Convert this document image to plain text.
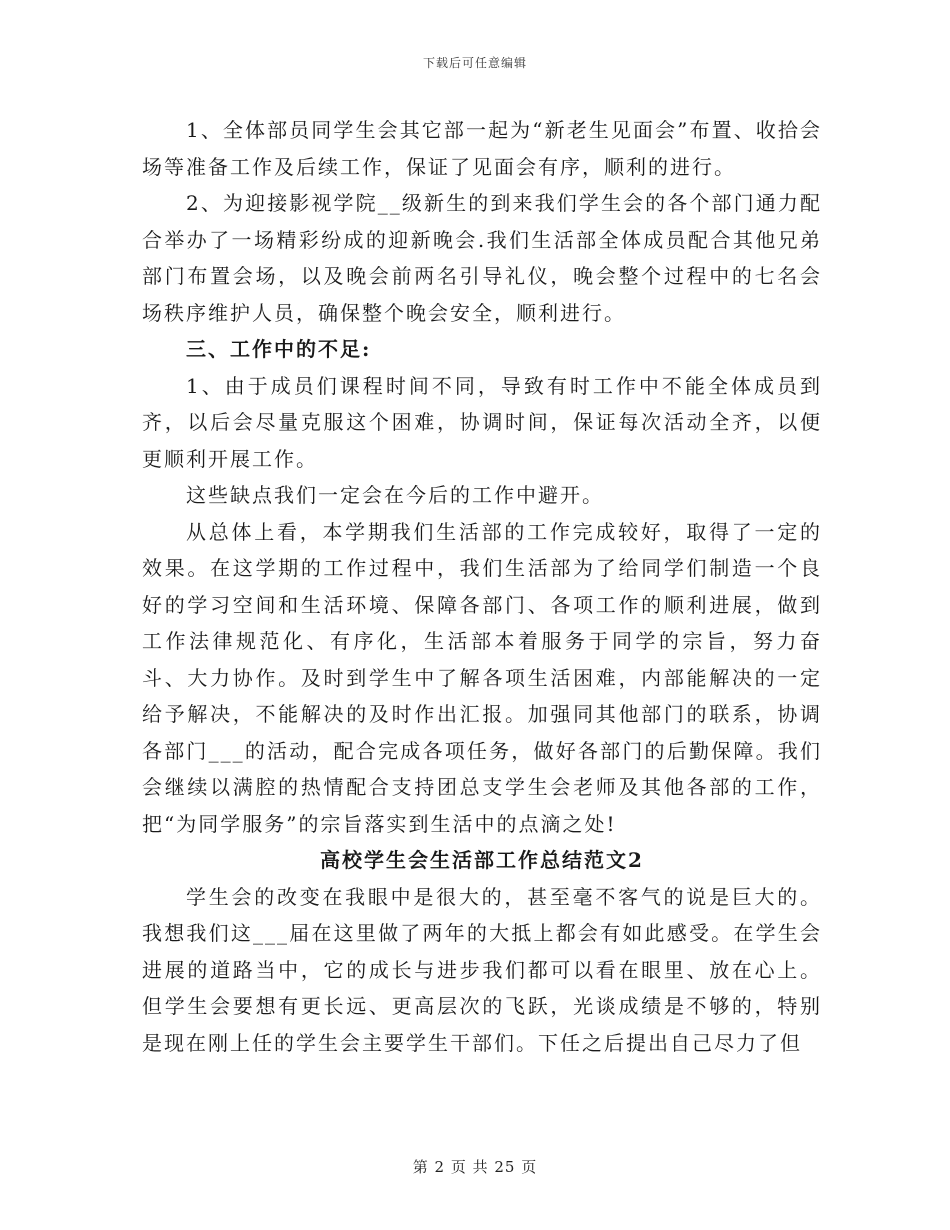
下载后可任意编辑

1、全体部员同学生会其它部一起为“新老生见面会”布置、收拾会场等准备工作及后续工作，保证了见面会有序，顺利的进行。

2、为迎接影视学院__级新生的到来我们学生会的各个部门通力配合举办了一场精彩纷成的迎新晚会.我们生活部全体成员配合其他兄弟部门布置会场，以及晚会前两名引导礼仪，晚会整个过程中的七名会场秩序维护人员，确保整个晚会安全，顺利进行。

三、工作中的不足:

1、由于成员们课程时间不同，导致有时工作中不能全体成员到齐，以后会尽量克服这个困难，协调时间，保证每次活动全齐，以便更顺利开展工作。

这些缺点我们一定会在今后的工作中避开。

从总体上看，本学期我们生活部的工作完成较好，取得了一定的效果。在这学期的工作过程中，我们生活部为了给同学们制造一个良好的学习空间和生活环境、保障各部门、各项工作的顺利进展，做到工作法律规范化、有序化，生活部本着服务于同学的宗旨，努力奋斗、大力协作。及时到学生中了解各项生活困难，内部能解决的一定给予解决，不能解决的及时作出汇报。加强同其他部门的联系，协调各部门___的活动，配合完成各项任务，做好各部门的后勤保障。我们会继续以满腔的热情配合支持团总支学生会老师及其他各部的工作，把“为同学服务”的宗旨落实到生活中的点滴之处!

高校学生会生活部工作总结范文2

学生会的改变在我眼中是很大的，甚至毫不客气的说是巨大的。我想我们这___届在这里做了两年的大抵上都会有如此感受。在学生会进展的道路当中，它的成长与进步我们都可以看在眼里、放在心上。但学生会要想有更长远、更高层次的飞跃，光谈成绩是不够的，特别是现在刚上任的学生会主要学生干部们。下任之后提出自己尽力了但

第 2 页 共 25 页
